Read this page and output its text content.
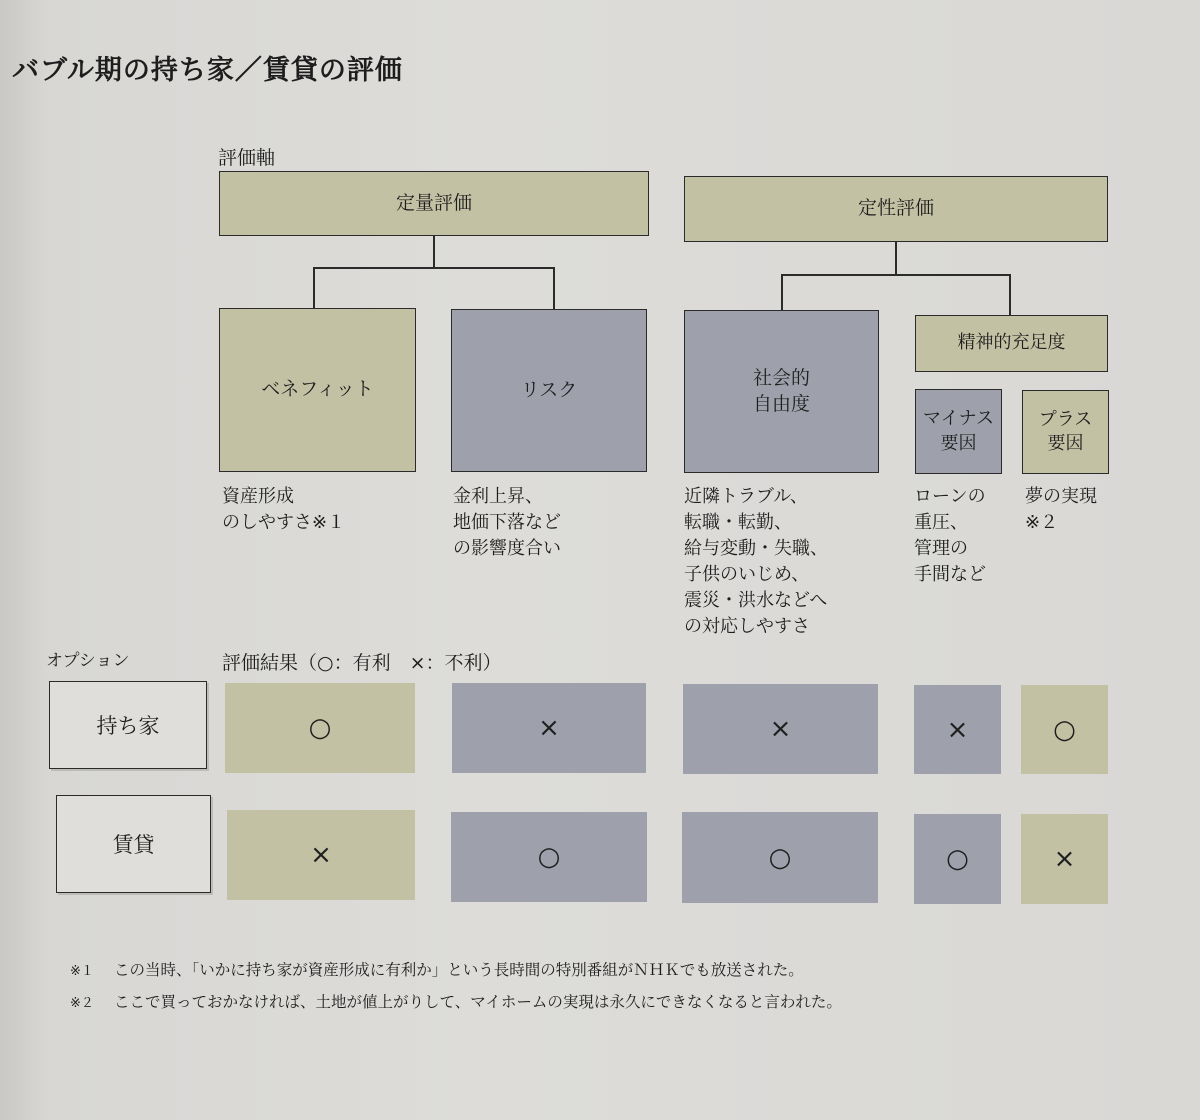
バブル期の持ち家／賃貸の評価
評価軸
定量評価	定性評価
ベネフィット	リスク
社会的
自由度
精神的充足度
マイナス
要因
プラス
要因
資産形成
のしやすさ※１
金利上昇、
地価下落など
の影響度合い
近隣トラブル、
転職・転勤、
給与変動・失職、
子供のいじめ、
震災・洪水などへ
の対応しやすさ
ローンの
重圧、
管理の
手間など
夢の実現
※２
オプション	評価結果（○：有利　×：不利）
持ち家	○	×	×	×	○
賃貸	×	○	○	○	×
※１ この当時、「いかに持ち家が資産形成に有利か」という長時間の特別番組がＮＨＫでも放送された。
※２ ここで買っておかなければ、土地が値上がりして、マイホームの実現は永久にできなくなると言われた。
